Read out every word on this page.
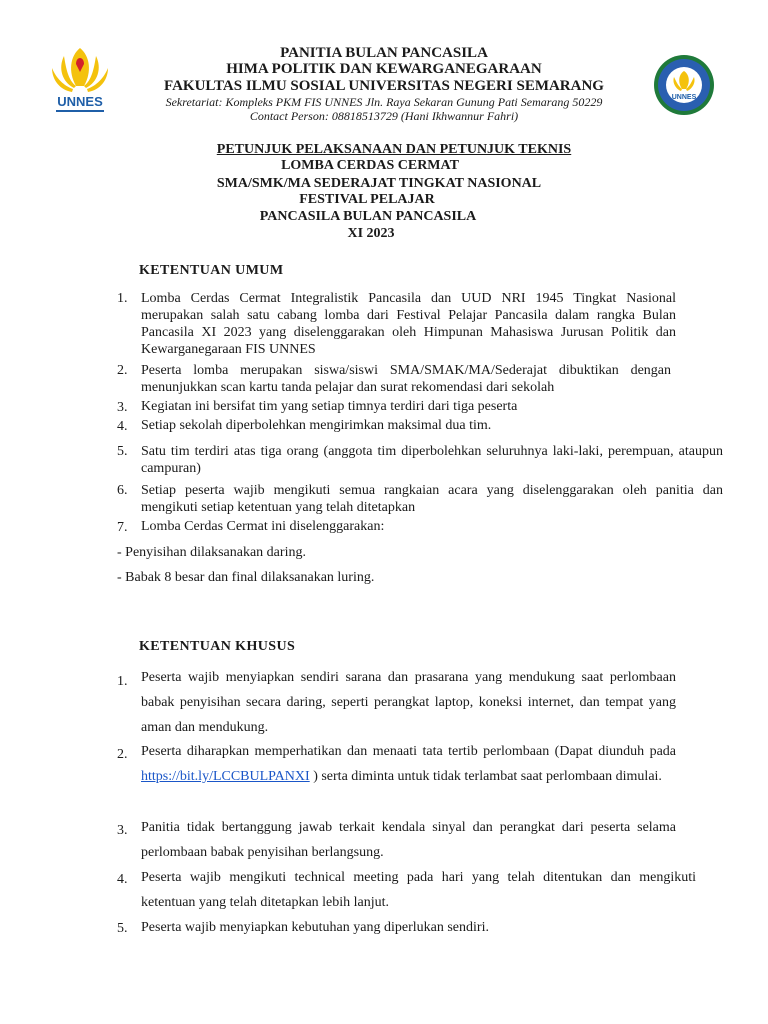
UNNES	UNNES
PANITIA BULAN PANCASILA
HIMA POLITIK DAN KEWARGANEGARAAN
FAKULTAS ILMU SOSIAL UNIVERSITAS NEGERI SEMARANG
Sekretariat: Kompleks PKM FIS UNNES Jln. Raya Sekaran Gunung Pati Semarang 50229
Contact Person: 08818513729 (Hani Ikhwannur Fahri)
PETUNJUK PELAKSANAAN DAN PETUNJUK TEKNIS
LOMBA CERDAS CERMAT
SMA/SMK/MA SEDERAJAT TINGKAT NASIONAL
FESTIVAL PELAJAR
PANCASILA BULAN PANCASILA
XI 2023
KETENTUAN UMUM
1. Lomba Cerdas Cermat Integralistik Pancasila dan UUD NRI 1945 Tingkat Nasional merupakan salah satu cabang lomba dari Festival Pelajar Pancasila dalam rangka Bulan Pancasila XI 2023 yang diselenggarakan oleh Himpunan Mahasiswa Jurusan Politik dan Kewarganegaraan FIS UNNES
2. Peserta lomba merupakan siswa/siswi SMA/SMAK/MA/Sederajat dibuktikan dengan menunjukkan scan kartu tanda pelajar dan surat rekomendasi dari sekolah
3. Kegiatan ini bersifat tim yang setiap timnya terdiri dari tiga peserta
4. Setiap sekolah diperbolehkan mengirimkan maksimal dua tim.
5. Satu tim terdiri atas tiga orang (anggota tim diperbolehkan seluruhnya laki-laki, perempuan, ataupun campuran)
6. Setiap peserta wajib mengikuti semua rangkaian acara yang diselenggarakan oleh panitia dan mengikuti setiap ketentuan yang telah ditetapkan
7. Lomba Cerdas Cermat ini diselenggarakan:
- Penyisihan dilaksanakan daring.
- Babak 8 besar dan final dilaksanakan luring.
KETENTUAN KHUSUS
1. Peserta wajib menyiapkan sendiri sarana dan prasarana yang mendukung saat perlombaan babak penyisihan secara daring, seperti perangkat laptop, koneksi internet, dan tempat yang aman dan mendukung.
2. Peserta diharapkan memperhatikan dan menaati tata tertib perlombaan (Dapat diunduh pada https://bit.ly/LCCBULPANXI ) serta diminta untuk tidak terlambat saat perlombaan dimulai.
3. Panitia tidak bertanggung jawab terkait kendala sinyal dan perangkat dari peserta selama perlombaan babak penyisihan berlangsung.
4. Peserta wajib mengikuti technical meeting pada hari yang telah ditentukan dan mengikuti ketentuan yang telah ditetapkan lebih lanjut.
5. Peserta wajib menyiapkan kebutuhan yang diperlukan sendiri.
